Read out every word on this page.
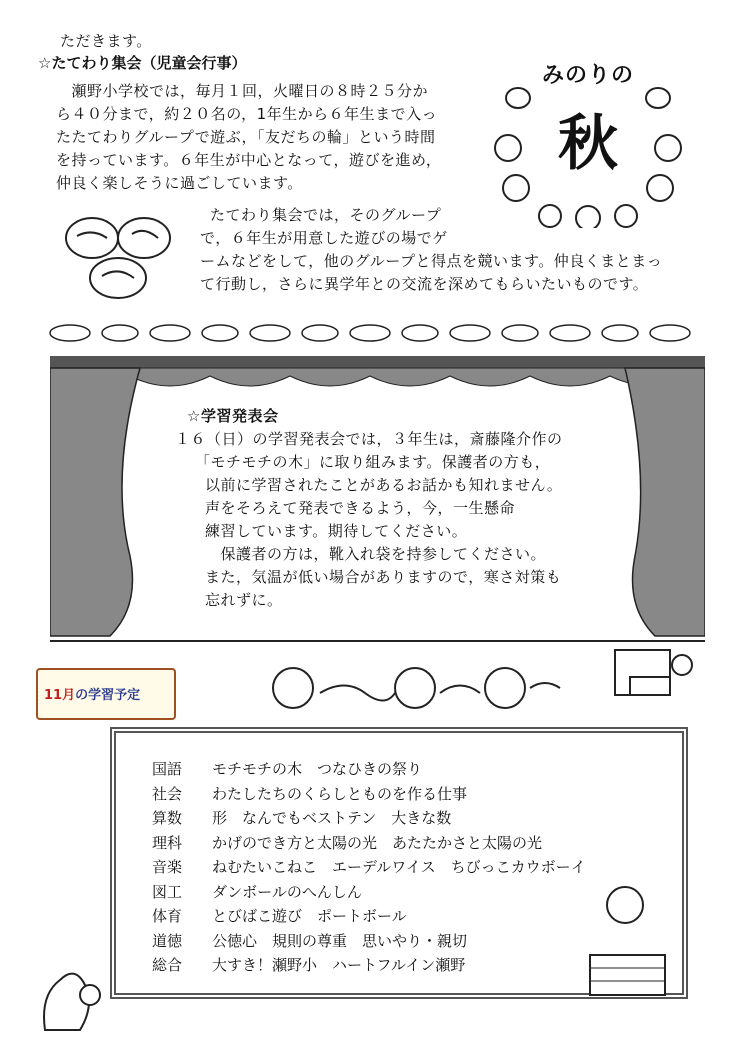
ただきます。
☆たてわり集会（児童会行事）
　瀬野小学校では，毎月１回，火曜日の８時２５分か
ら４０分まで，約２０名の，1年生から６年生まで入っ
たたてわりグループで遊ぶ，「友だちの輪」という時間
を持っています。６年生が中心となって，遊びを進め，
仲良く楽しそうに過ごしています。
たてわり集会では，そのグループ
で，６年生が用意した遊びの場でゲ
ームなどをして，他のグループと得点を競います。仲良くまとまっ
て行動し，さらに異学年との交流を深めてもらいたいものです。
みのりの
秋

☆学習発表会

１６（日）の学習発表会では，３年生は，斎藤隆介作の

「モチモチの木」に取り組みます。保護者の方も，

以前に学習されたことがあるお話かも知れません。

声をそろえて発表できるよう，今，一生懸命

練習しています。期待してください。

　保護者の方は，靴入れ袋を持参してください。

また，気温が低い場合がありますので，寒さ対策も

忘れずに。

11月の学習予定
国語	モチモチの木　つなひきの祭り
社会	わたしたちのくらしとものを作る仕事
算数	形　なんでもベストテン　大きな数
理科	かげのでき方と太陽の光　あたたかさと太陽の光
音楽	ねむたいこねこ　エーデルワイス　ちびっこカウボーイ
図工	ダンボールのへんしん
体育	とびばこ遊び　ポートボール
道徳	公徳心　規則の尊重　思いやり・親切
総合	大すき！瀬野小　ハートフルイン瀬野
